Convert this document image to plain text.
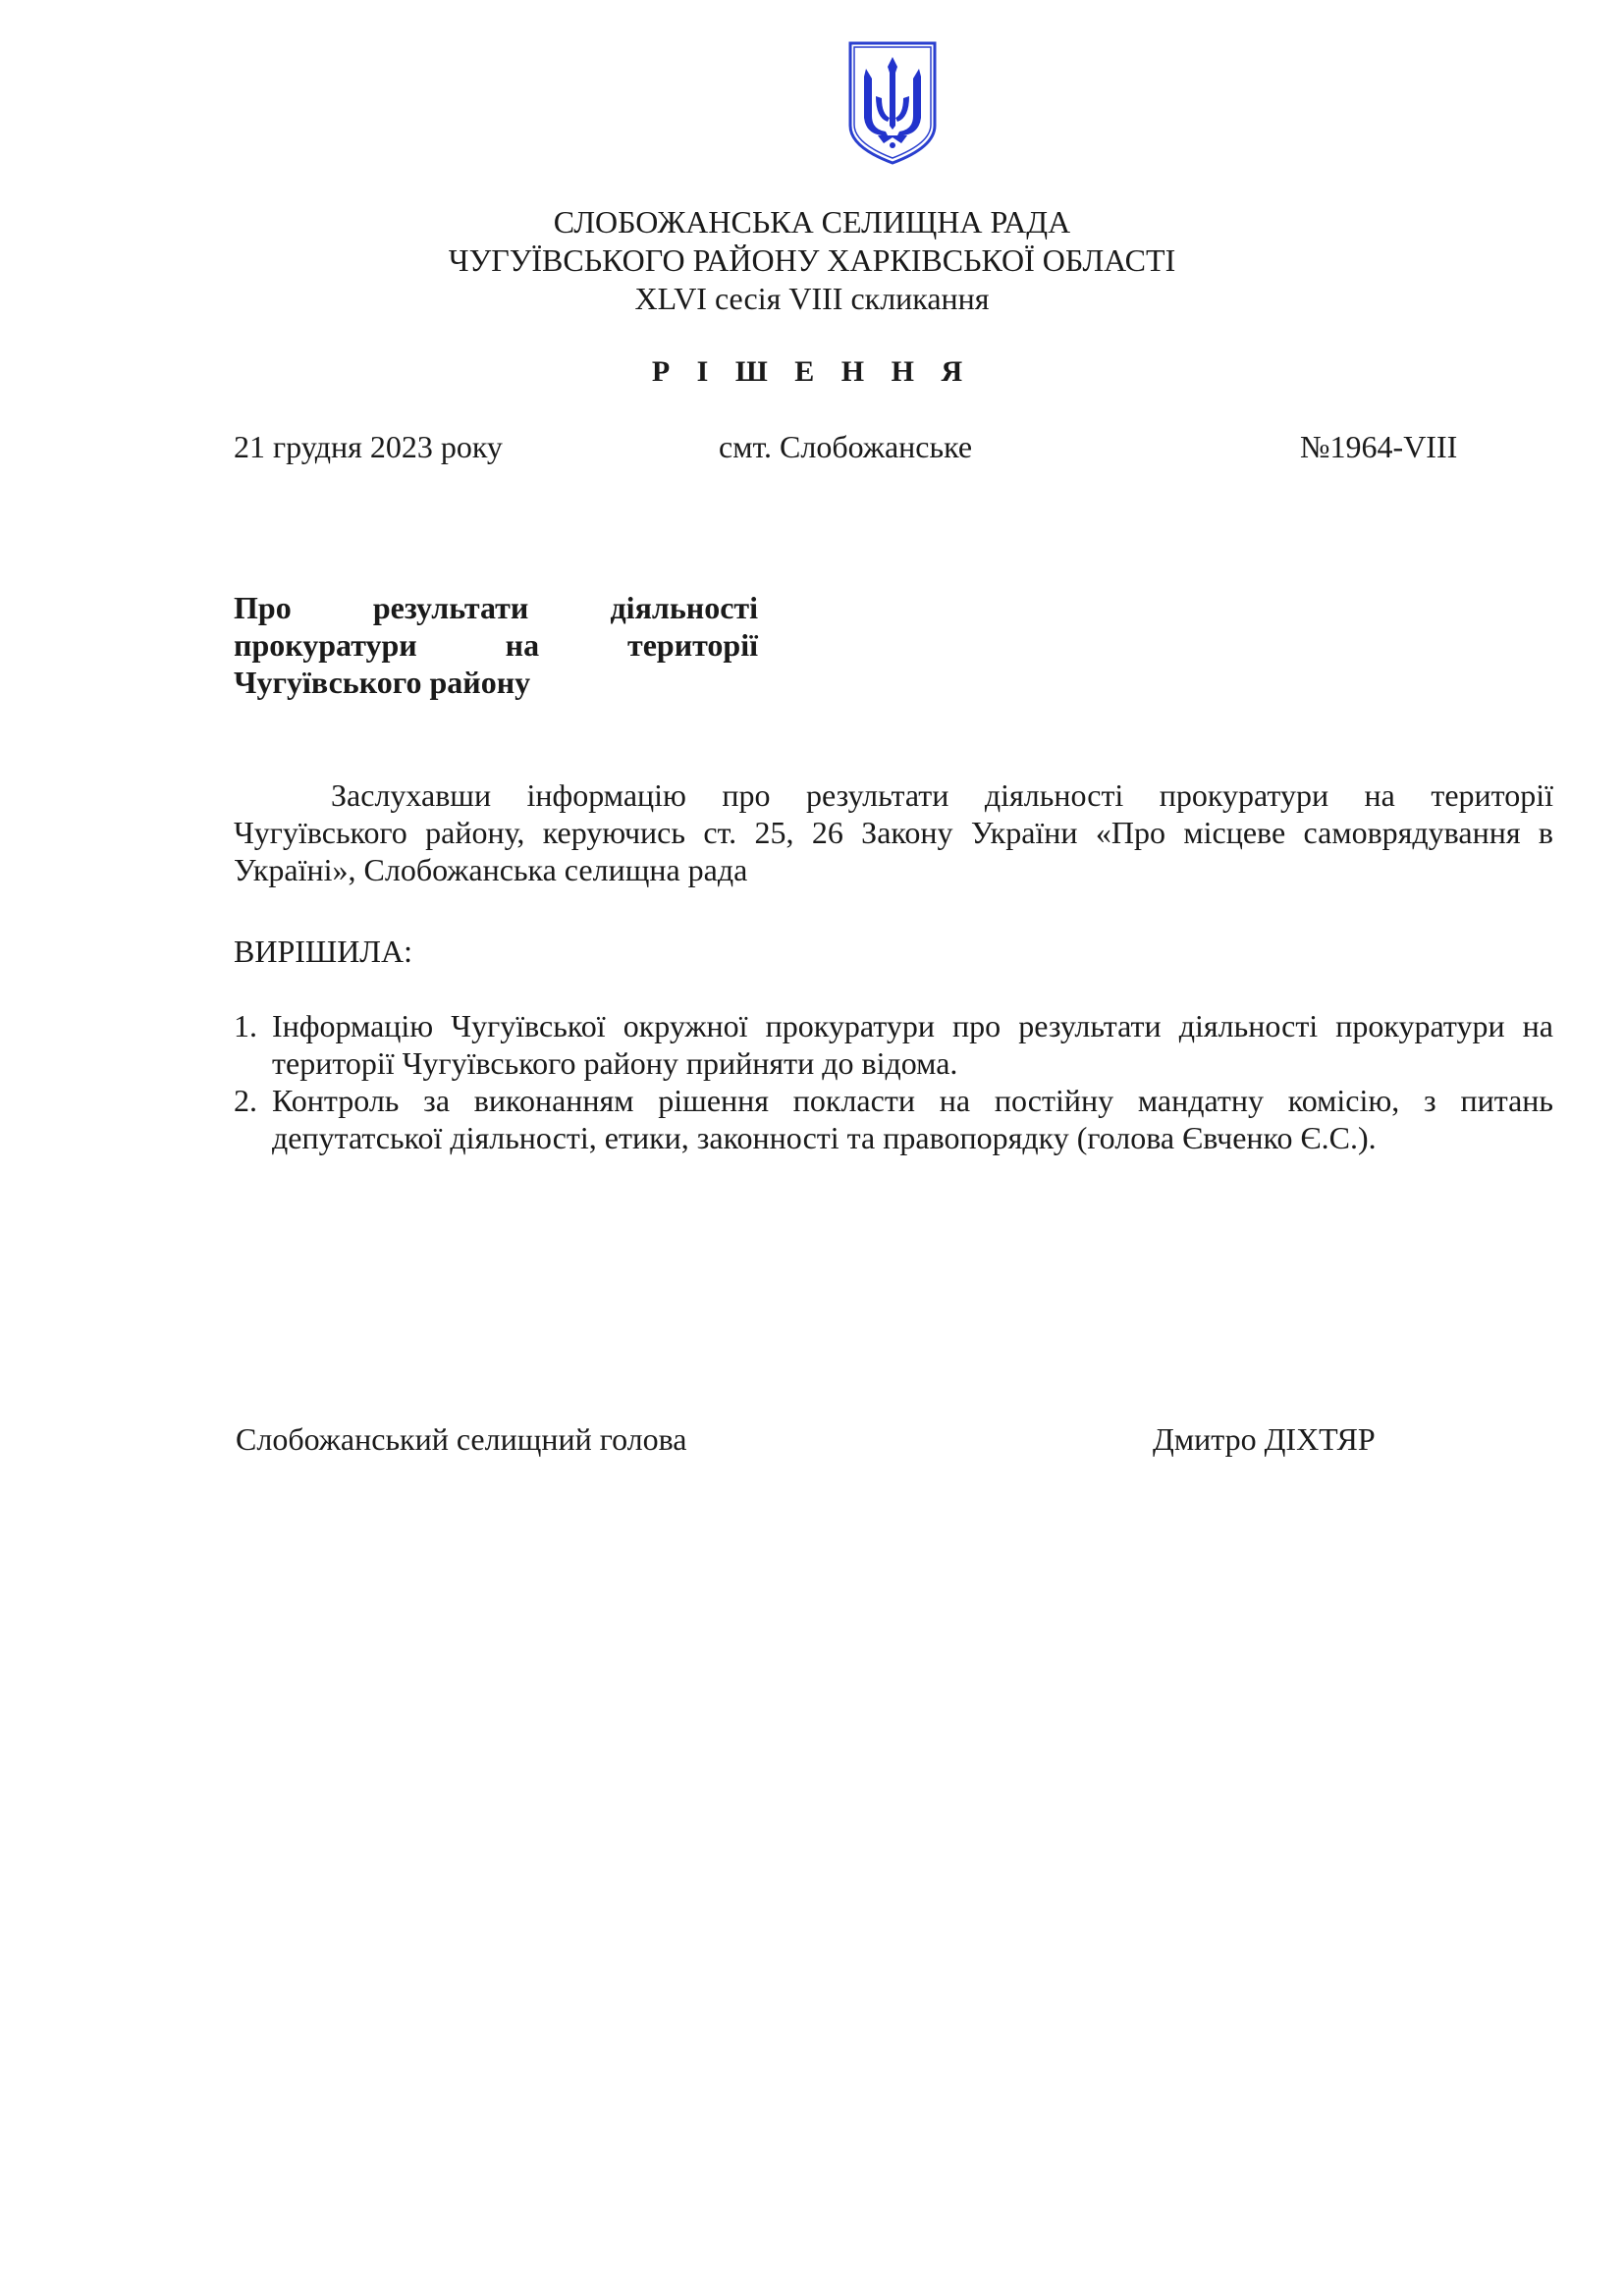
СЛОБОЖАНСЬКА СЕЛИЩНА РАДА
ЧУГУЇВСЬКОГО РАЙОНУ ХАРКІВСЬКОЇ ОБЛАСТІ
XLVI сесія VIII скликання
Р І Ш Е Н Н Я
21 грудня 2023 року	смт. Слобожанське	№1964-VIII
Про результати діяльності
прокуратури на території
Чугуївського району
Заслухавши інформацію про результати діяльності прокуратури на території
Чугуївського району, керуючись ст. 25, 26 Закону України «Про місцеве самоврядування в
Україні», Слобожанська селищна рада
ВИРІШИЛА:
1. Інформацію Чугуївської окружної прокуратури про результати діяльності прокуратури на
території Чугуївського району прийняти до відома.
2. Контроль за виконанням рішення покласти на постійну мандатну комісію, з питань
депутатської діяльності, етики, законності та правопорядку (голова Євченко Є.С.).
Слобожанський селищний голова	Дмитро ДІХТЯР
